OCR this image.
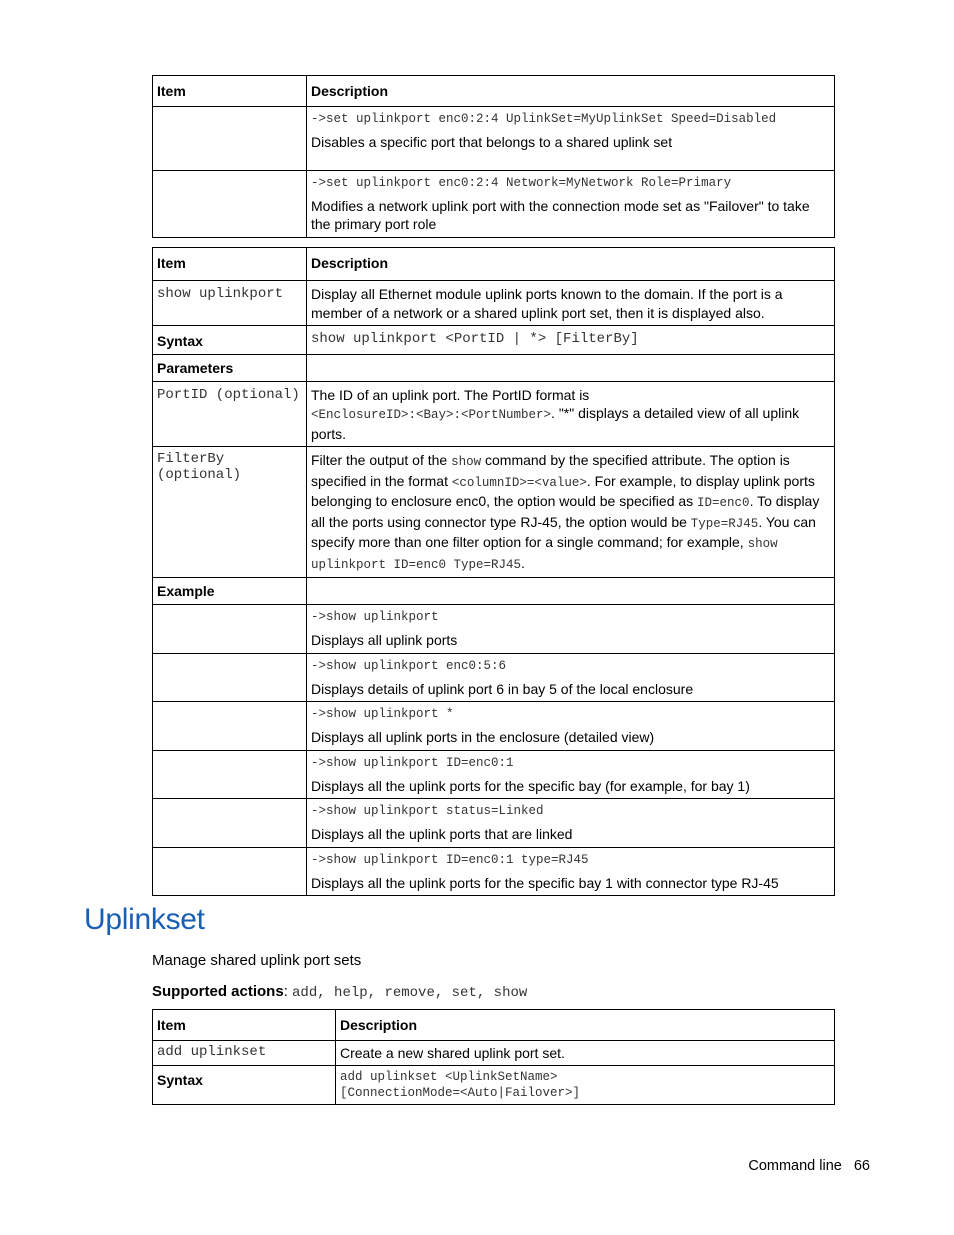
Item	Description

	->set uplinkport enc0:2:4 UplinkSet=MyUplinkSet Speed=Disabled
Disables a specific port that belongs to a shared uplink set

	->set uplinkport enc0:2:4 Network=MyNetwork Role=Primary
Modifies a network uplink port with the connection mode set as "Failover" to take the primary port role
Item	Description
show uplinkport	Display all Ethernet module uplink ports known to the domain. If the port is a member of a network or a shared uplink port set, then it is displayed also.
Syntax	show uplinkport <PortID | *> [FilterBy]
Parameters	
PortID (optional)	The ID of an uplink port. The PortID format is
<EnclosureID>:<Bay>:<PortNumber>. "*" displays a detailed view of all uplink ports.
FilterBy (optional)	Filter the output of the show command by the specified attribute. The option is specified in the format <columnID>=<value>. For example, to display uplink ports belonging to enclosure enc0, the option would be specified as ID=enc0. To display all the ports using connector type RJ-45, the option would be Type=RJ45. You can specify more than one filter option for a single command; for example, show uplinkport ID=enc0 Type=RJ45.
Example	

	->show uplinkport
Displays all uplink ports

	->show uplinkport enc0:5:6
Displays details of uplink port 6 in bay 5 of the local enclosure

	->show uplinkport *
Displays all uplink ports in the enclosure (detailed view)

	->show uplinkport ID=enc0:1
Displays all the uplink ports for the specific bay (for example, for bay 1)

	->show uplinkport status=Linked
Displays all the uplink ports that are linked

	->show uplinkport ID=enc0:1 type=RJ45
Displays all the uplink ports for the specific bay 1 with connector type RJ-45
Uplinkset
Manage shared uplink port sets
Supported actions: add, help, remove, set, show
Item	Description
add uplinkset	Create a new shared uplink port set.
Syntax	add uplinkset <UplinkSetName> [ConnectionMode=<Auto|Failover>]
Command line 66
